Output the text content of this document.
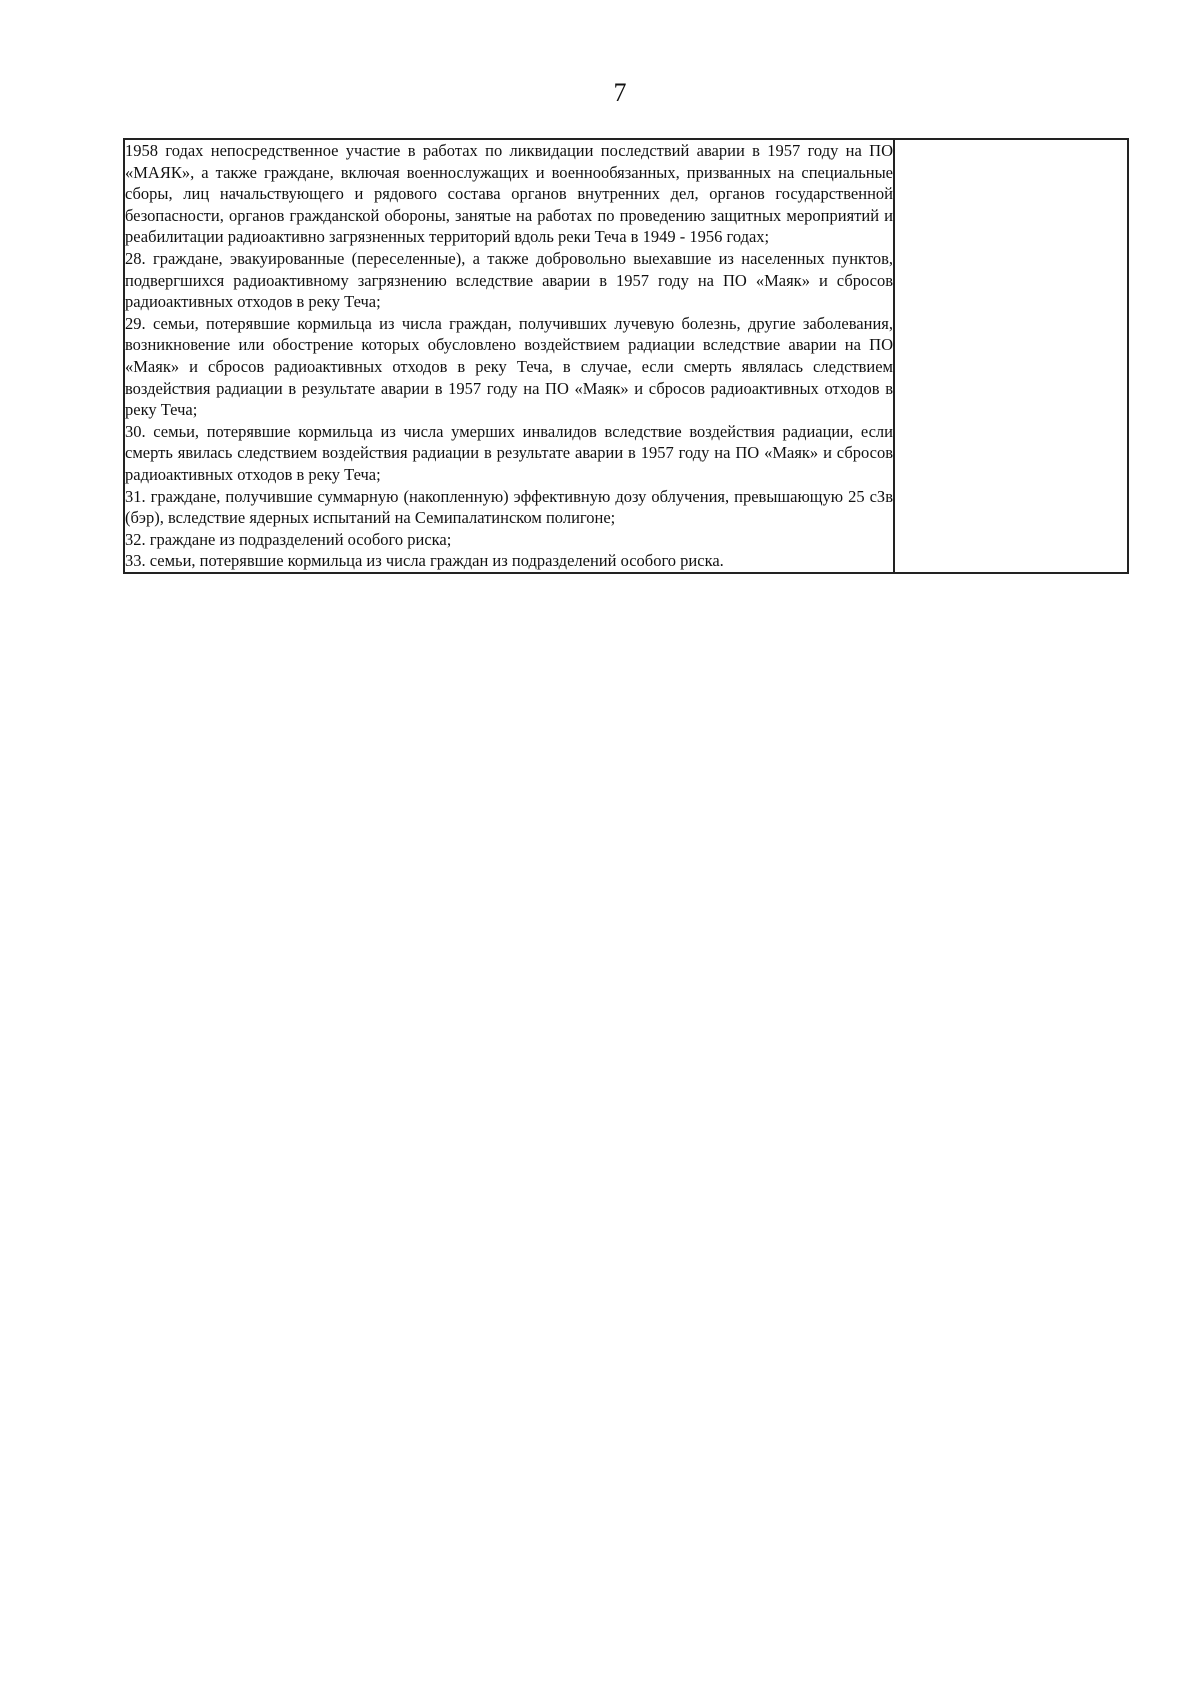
7

1958 годах непосредственное участие в работах по ликвидации последствий аварии в 1957 году на ПО «МАЯК», а также граждане, включая военнослужащих и военнообязанных, призванных на специальные сборы, лиц начальствующего и рядового состава органов внутренних дел, органов государственной безопасности, органов гражданской обороны, занятые на работах по проведению защитных мероприятий и реабилитации радиоактивно загрязненных территорий вдоль реки Теча в 1949 - 1956 годах;

28. граждане, эвакуированные (переселенные), а также добровольно выехавшие из населенных пунктов, подвергшихся радиоактивному загрязнению вследствие аварии в 1957 году на ПО «Маяк» и сбросов радиоактивных отходов в реку Теча;

29. семьи, потерявшие кормильца из числа граждан, получивших лучевую болезнь, другие заболевания, возникновение или обострение которых обусловлено воздействием радиации вследствие аварии на ПО «Маяк» и сбросов радиоактивных отходов в реку Теча, в случае, если смерть являлась следствием воздействия радиации в результате аварии в 1957 году на ПО «Маяк» и сбросов радиоактивных отходов в реку Теча;

30. семьи, потерявшие кормильца из числа умерших инвалидов вследствие воздействия радиации, если смерть явилась следствием воздействия радиации в результате аварии в 1957 году на ПО «Маяк» и сбросов радиоактивных отходов в реку Теча;

31. граждане, получившие суммарную (накопленную) эффективную дозу облучения, превышающую 25 сЗв (бэр), вследствие ядерных испытаний на Семипалатинском полигоне;

32. граждане из подразделений особого риска;

33. семьи, потерявшие кормильца из числа граждан из подразделений особого риска.
